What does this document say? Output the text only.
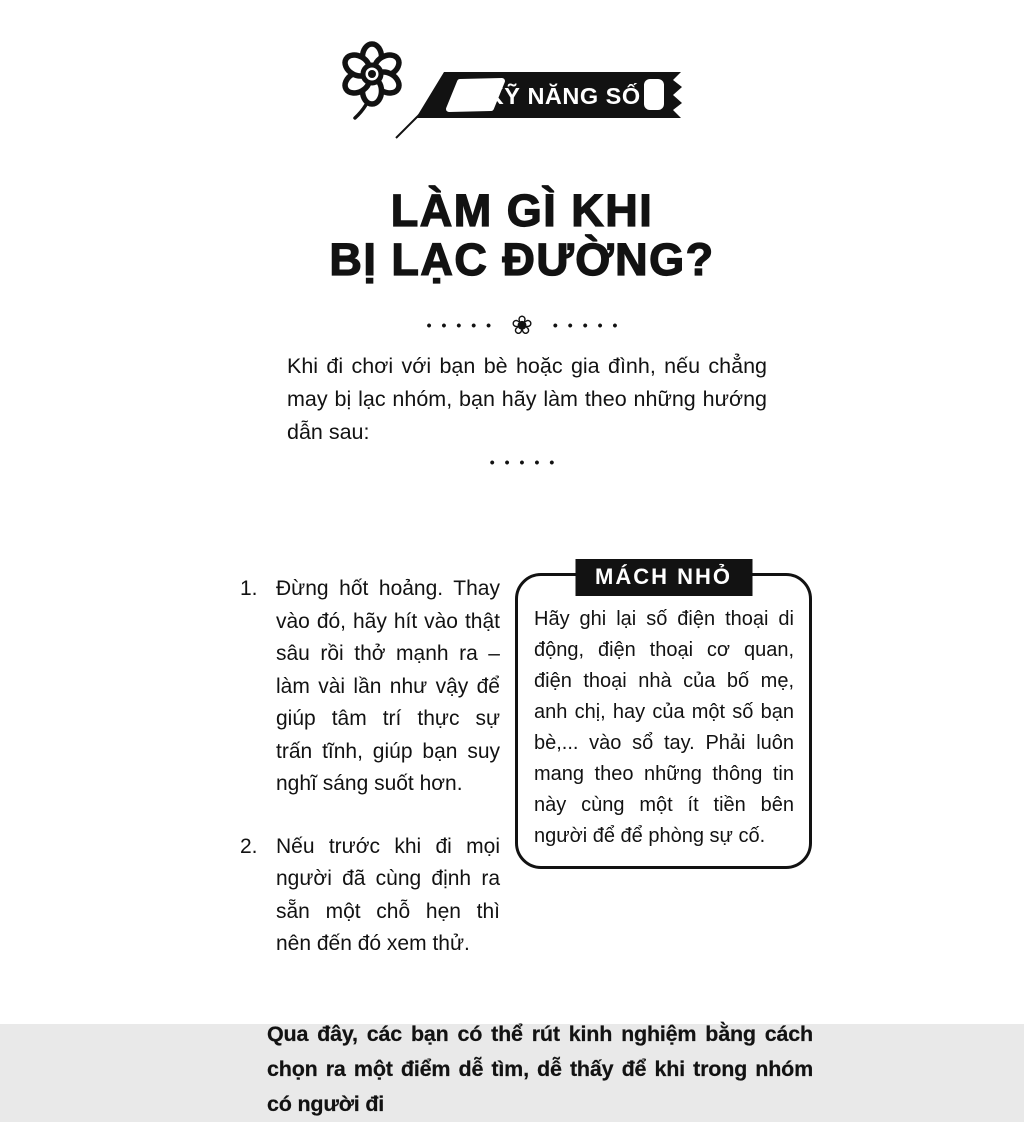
KỸ NĂNG SỐ 2
LÀM GÌ KHI
BỊ LẠC ĐƯỜNG?
••••• ❀	•••••

Khi đi chơi với bạn bè hoặc gia đình, nếu chẳng may bị lạc nhóm, bạn hãy làm theo những hướng dẫn sau:

•••••
1. Đừng hốt hoảng. Thay vào đó, hãy hít vào thật sâu rồi thở mạnh ra – làm vài lần như vậy để giúp tâm trí thực sự trấn tĩnh, giúp bạn suy nghĩ sáng suốt hơn.
2. Nếu trước khi đi mọi người đã cùng định ra sẵn một chỗ hẹn thì nên đến đó xem thử.
MÁCH NHỎ

Hãy ghi lại số điện thoại di động, điện thoại cơ quan, điện thoại nhà của bố mẹ, anh chị, hay của một số bạn bè,... vào sổ tay. Phải luôn mang theo những thông tin này cùng một ít tiền bên người để để phòng sự cố.

Qua đây, các bạn có thể rút kinh nghiệm bằng cách chọn ra một điểm dễ tìm, dễ thấy để khi trong nhóm có người đi
